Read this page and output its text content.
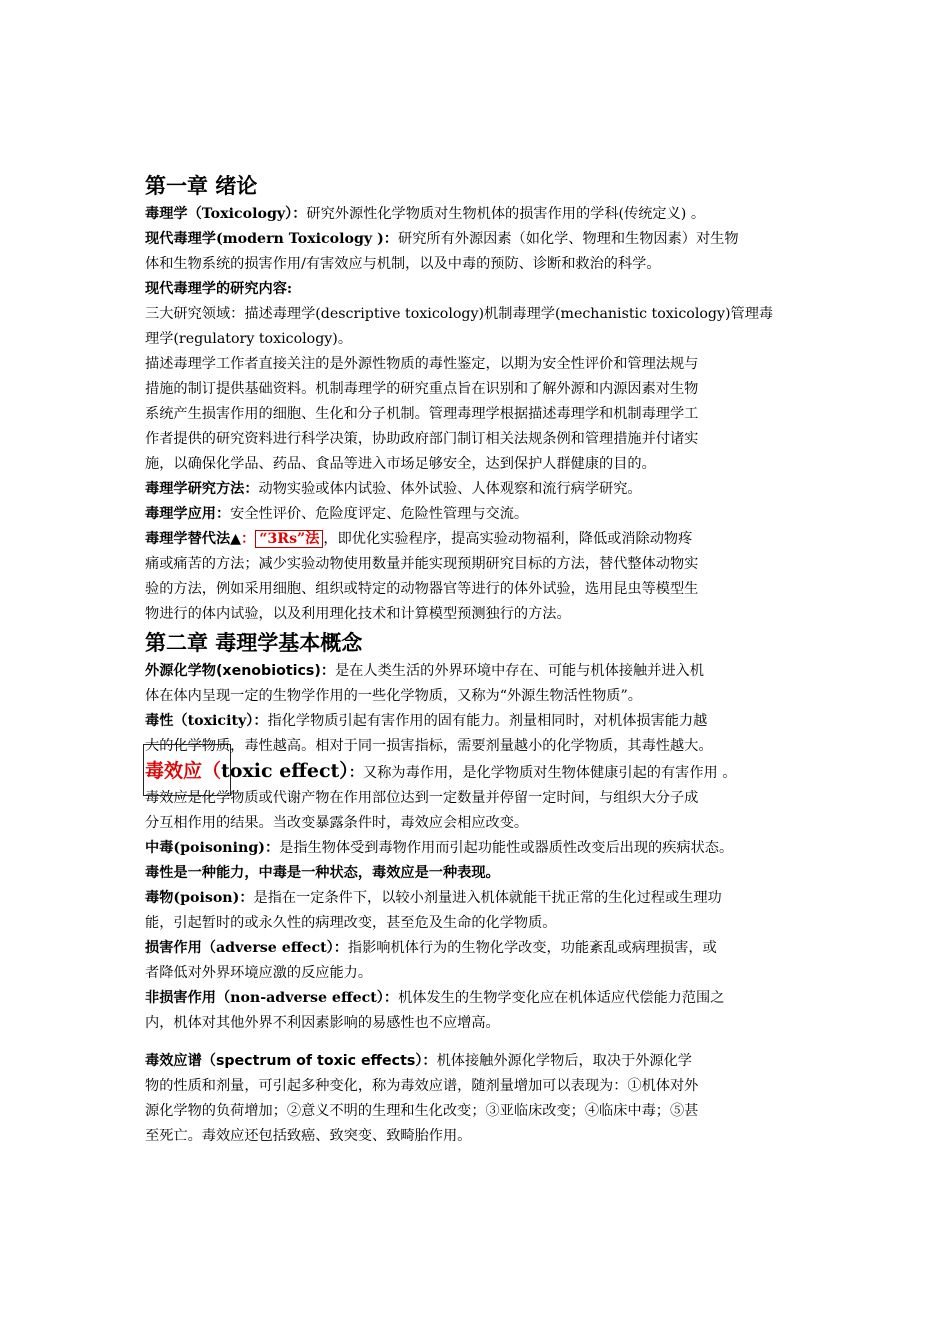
第一章 绪论

毒理学（Toxicology）：研究外源性化学物质对生物机体的损害作用的学科(传统定义) 。

现代毒理学(modern Toxicology )：研究所有外源因素（如化学、物理和生物因素）对生物
体和生物系统的损害作用/有害效应与机制，以及中毒的预防、诊断和救治的科学。

现代毒理学的研究内容:

三大研究领域：描述毒理学(descriptive toxicology)机制毒理学(mechanistic toxicology)管理毒
理学(regulatory toxicology)。

描述毒理学工作者直接关注的是外源性物质的毒性鉴定，以期为安全性评价和管理法规与
措施的制订提供基础资料。机制毒理学的研究重点旨在识别和了解外源和内源因素对生物
系统产生损害作用的细胞、生化和分子机制。管理毒理学根据描述毒理学和机制毒理学工
作者提供的研究资料进行科学决策，协助政府部门制订相关法规条例和管理措施并付诸实
施，以确保化学品、药品、食品等进入市场足够安全，达到保护人群健康的目的。

毒理学研究方法：动物实验或体内试验、体外试验、人体观察和流行病学研究。

毒理学应用：安全性评价、危险度评定、危险性管理与交流。

毒理学替代法▲： “3Rs”法 ，即优化实验程序，提高实验动物福利，降低或消除动物疼
痛或痛苦的方法；减少实验动物使用数量并能实现预期研究目标的方法，替代整体动物实
验的方法，例如采用细胞、组织或特定的动物器官等进行的体外试验，选用昆虫等模型生
物进行的体内试验，以及利用理化技术和计算模型预测独行的方法。

第二章 毒理学基本概念

外源化学物(xenobiotics)：是在人类生活的外界环境中存在、可能与机体接触并进入机
体在体内呈现一定的生物学作用的一些化学物质，又称为“外源生物活性物质”。

毒性（toxicity）：指化学物质引起有害作用的固有能力。剂量相同时，对机体损害能力越
大的化学物质，毒性越高。相对于同一损害指标，需要剂量越小的化学物质，其毒性越大。

毒效应（toxic effect）：又称为毒作用，是化学物质对生物体健康引起的有害作用 。
毒效应是化学物质或代谢产物在作用部位达到一定数量并停留一定时间，与组织大分子成
分互相作用的结果。当改变暴露条件时，毒效应会相应改变。

中毒(poisoning)：是指生物体受到毒物作用而引起功能性或器质性改变后出现的疾病状态。

毒性是一种能力，中毒是一种状态，毒效应是一种表现。

毒物(poison)：是指在一定条件下，以较小剂量进入机体就能干扰正常的生化过程或生理功
能，引起暂时的或永久性的病理改变，甚至危及生命的化学物质。

损害作用（adverse effect）：指影响机体行为的生物化学改变，功能紊乱或病理损害，或
者降低对外界环境应激的反应能力。

非损害作用（non-adverse effect）：机体发生的生物学变化应在机体适应代偿能力范围之
内，机体对其他外界不利因素影响的易感性也不应增高。

毒效应谱（spectrum of toxic effects）：机体接触外源化学物后，取决于外源化学
物的性质和剂量，可引起多种变化，称为毒效应谱，随剂量增加可以表现为：①机体对外
源化学物的负荷增加；②意义不明的生理和生化改变；③亚临床改变；④临床中毒；⑤甚
至死亡。毒效应还包括致癌、致突变、致畸胎作用。
